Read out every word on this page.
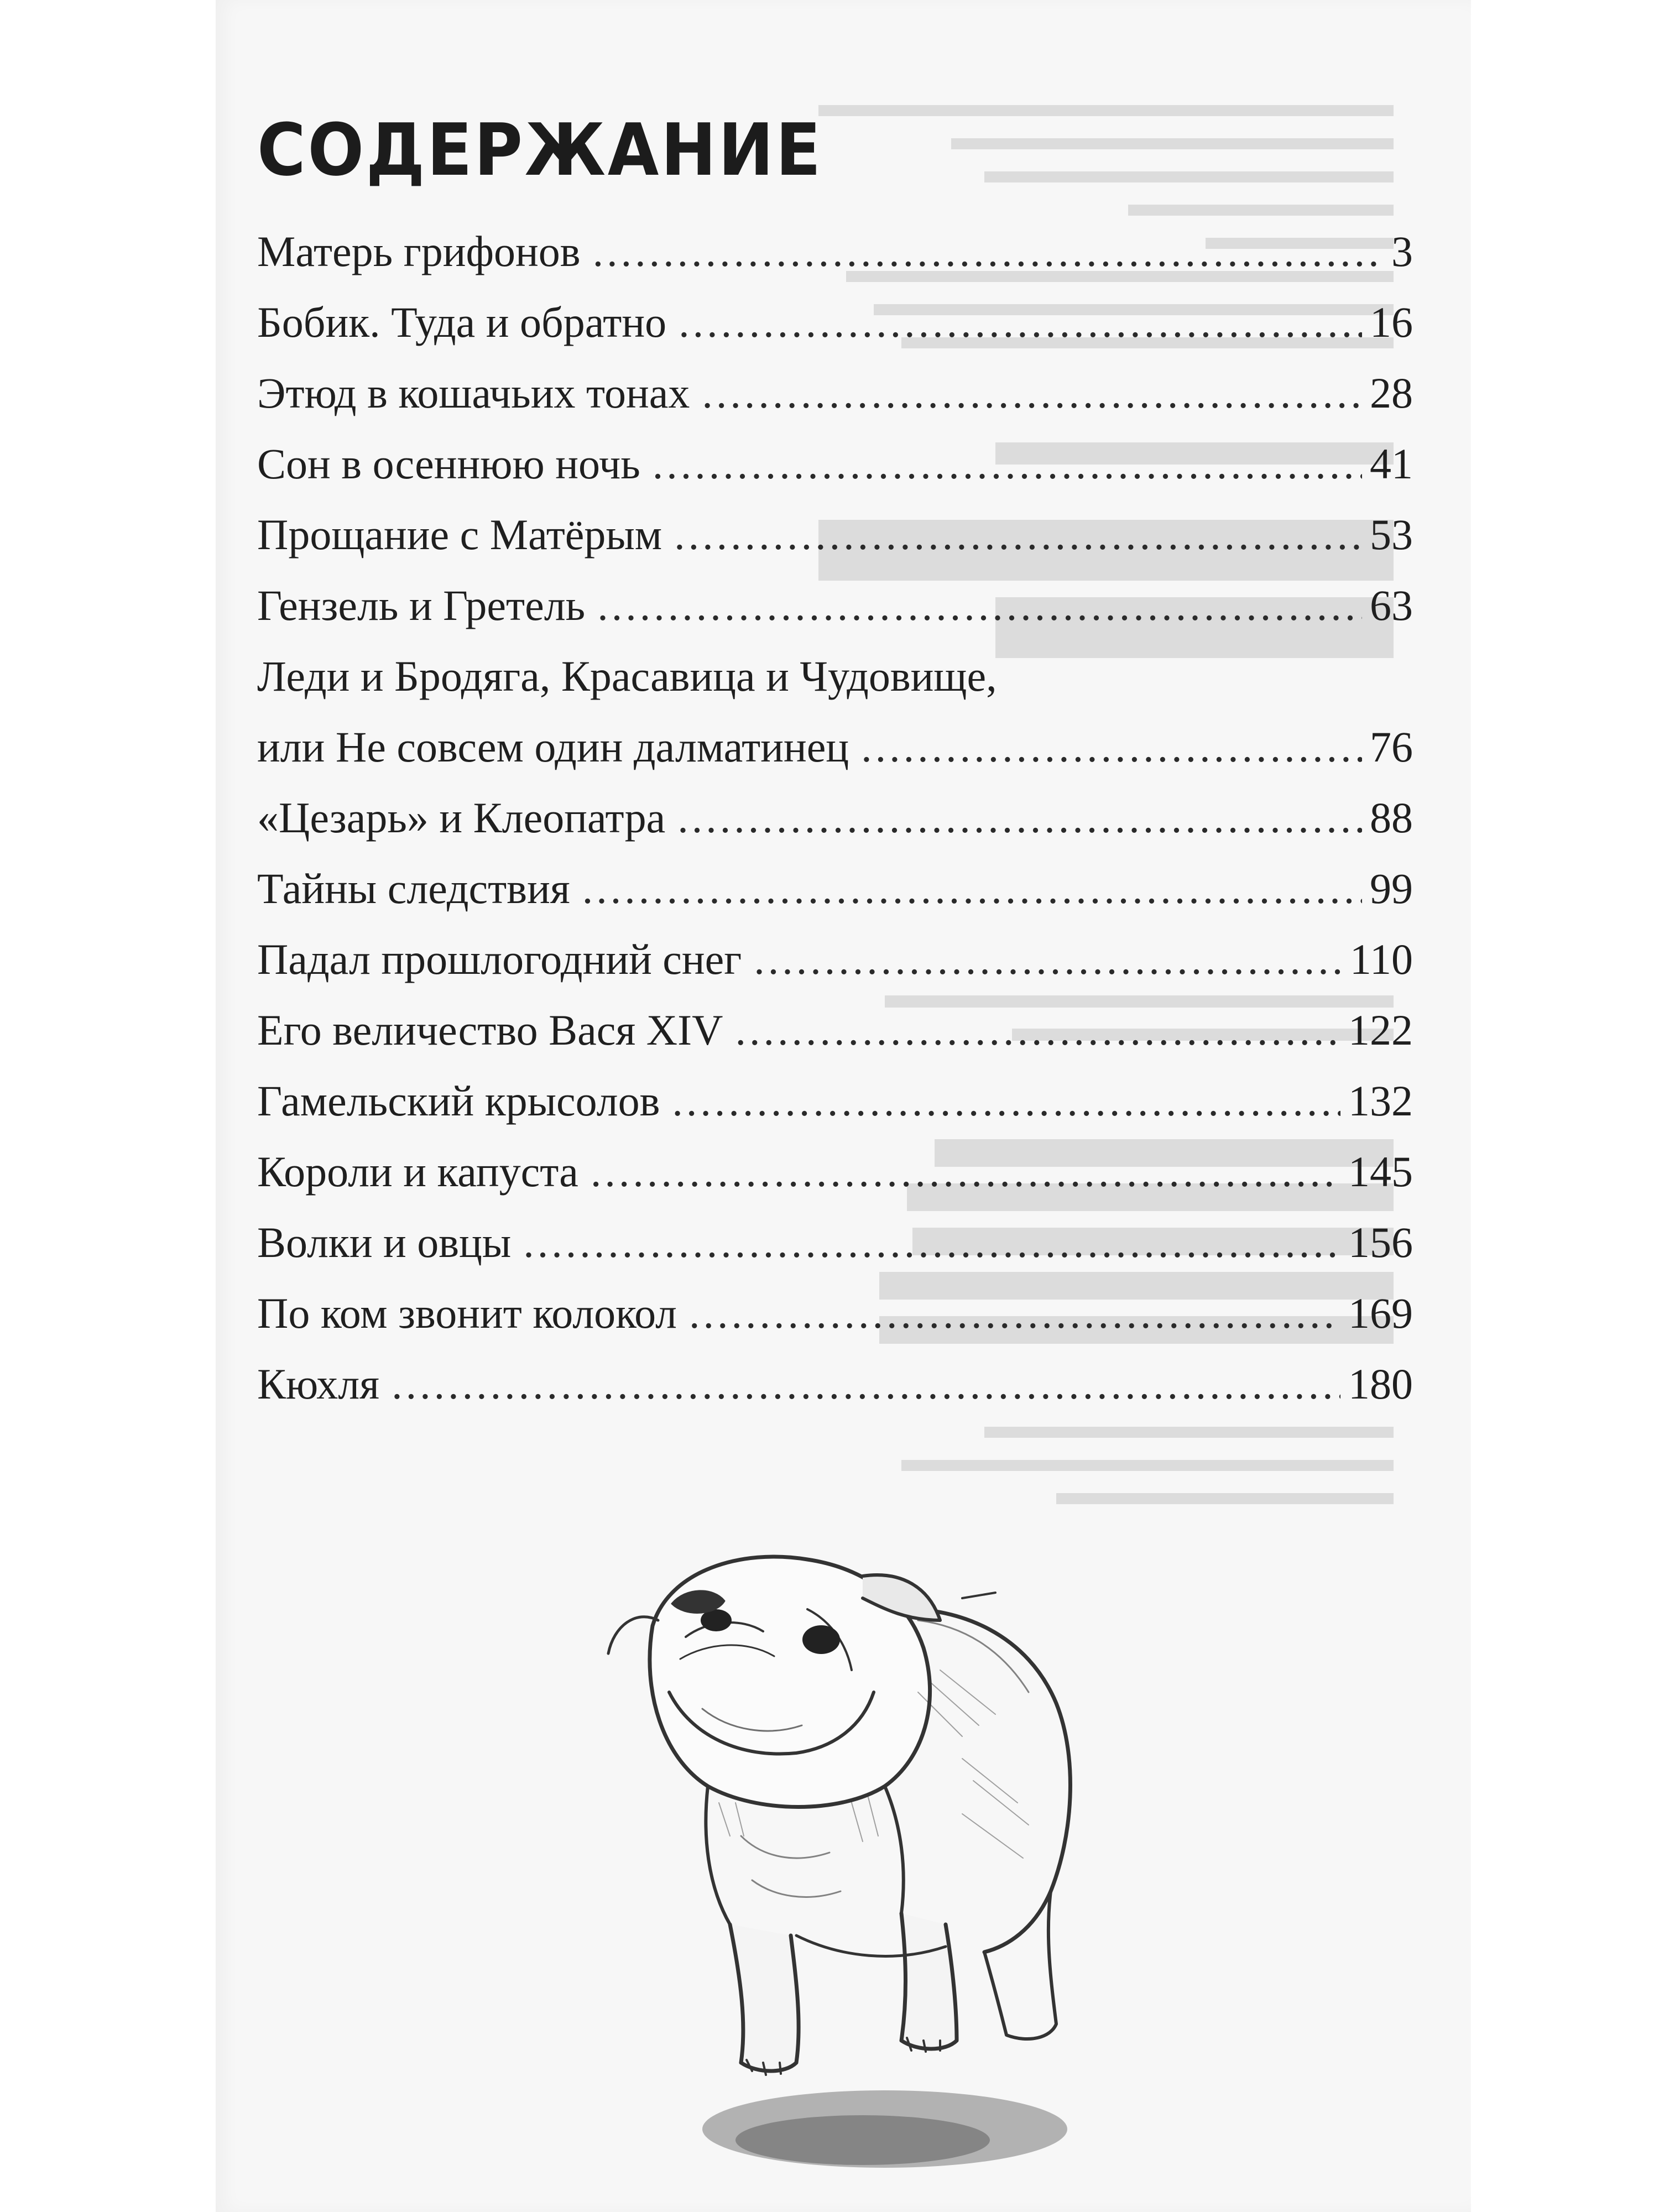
СОДЕРЖАНИЕ
Матерь грифонов .....	3
Бобик. Туда и обратно .....	16
Этюд в кошачьих тонах .....	28
Сон в осеннюю ночь .....	41
Прощание с Матёрым .....	53
Гензель и Гретель .....	63
Леди и Бродяга, Красавица и Чудовище,
или Не совсем один далматинец .....	76
«Цезарь» и Клеопатра .....	88
Тайны следствия .....	99
Падал прошлогодний снег .....	110
Его величество Вася XIV .....	122
Гамельский крысолов .....	132
Короли и капуста .....	145
Волки и овцы .....	156
По ком звонит колокол .....	169
Кюхля .....	180
